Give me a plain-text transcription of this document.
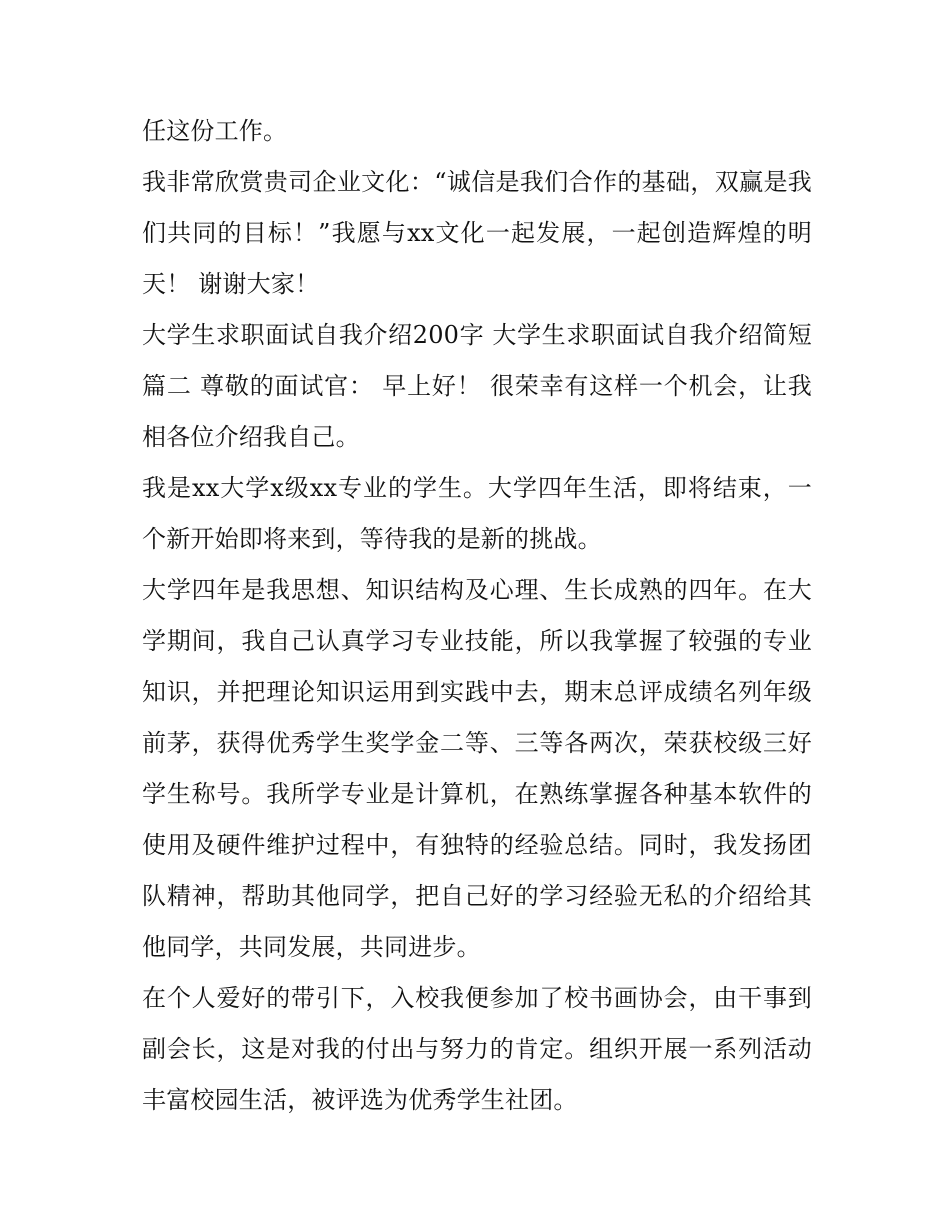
任这份工作。

我非常欣赏贵司企业文化：“诚信是我们合作的基础，双赢是我们共同的目标！”我愿与xx文化一起发展，一起创造辉煌的明天！ 谢谢大家！

大学生求职面试自我介绍200字 大学生求职面试自我介绍简短篇二 尊敬的面试官： 早上好！ 很荣幸有这样一个机会，让我相各位介绍我自己。

我是xx大学x级xx专业的学生。大学四年生活，即将结束，一个新开始即将来到，等待我的是新的挑战。

大学四年是我思想、知识结构及心理、生长成熟的四年。在大学期间，我自己认真学习专业技能，所以我掌握了较强的专业知识，并把理论知识运用到实践中去，期末总评成绩名列年级前茅，获得优秀学生奖学金二等、三等各两次，荣获校级三好学生称号。我所学专业是计算机，在熟练掌握各种基本软件的使用及硬件维护过程中，有独特的经验总结。同时，我发扬团队精神，帮助其他同学，把自己好的学习经验无私的介绍给其他同学，共同发展，共同进步。

在个人爱好的带引下，入校我便参加了校书画协会，由干事到副会长，这是对我的付出与努力的肯定。组织开展一系列活动丰富校园生活，被评选为优秀学生社团。
